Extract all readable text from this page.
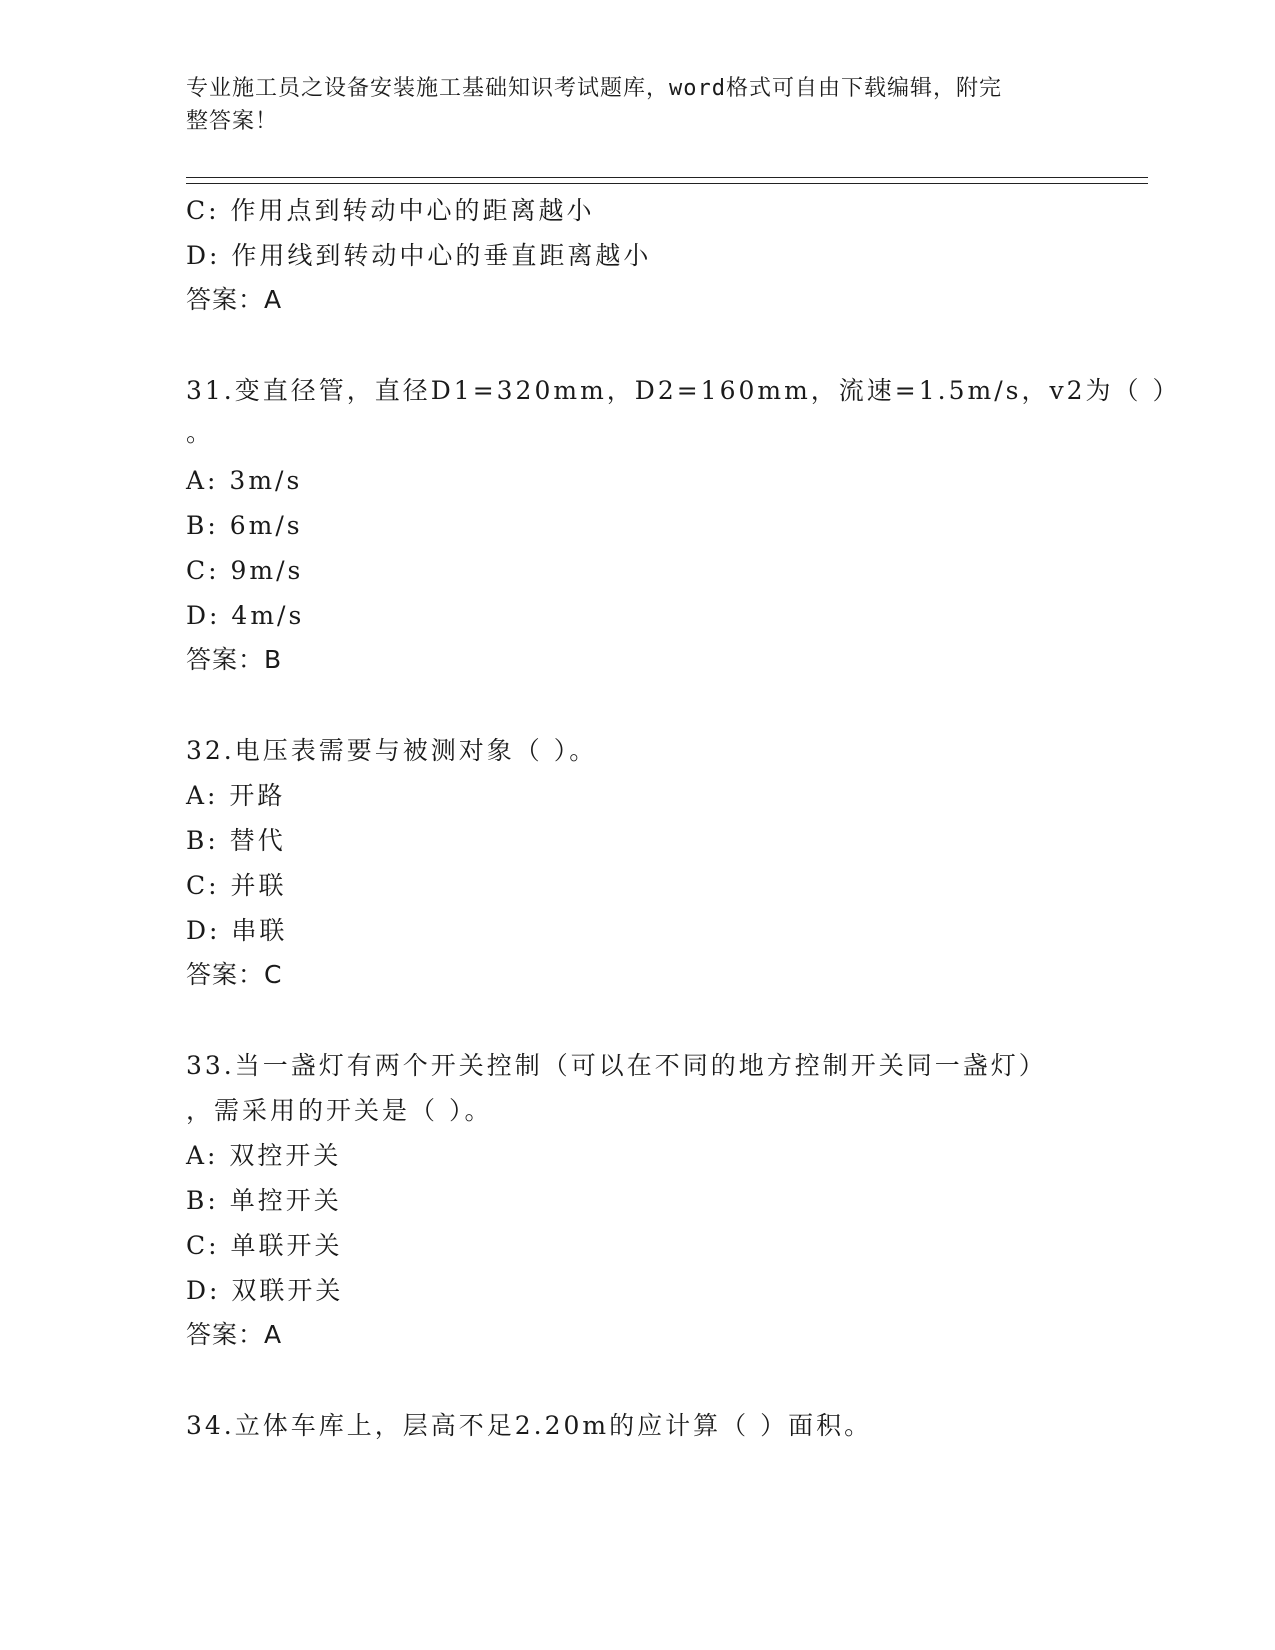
专业施工员之设备安装施工基础知识考试题库，word格式可自由下载编辑，附完
整答案！
C: 作用点到转动中心的距离越小
D: 作用线到转动中心的垂直距离越小
答案：A
31.变直径管，直径D1=320mm，D2=160mm，流速=1.5m/s，v2为（ ）
。
A: 3m/s
B: 6m/s
C: 9m/s
D: 4m/s
答案：B
32.电压表需要与被测对象（ ）。
A: 开路
B: 替代
C: 并联
D: 串联
答案：C
33.当一盏灯有两个开关控制（可以在不同的地方控制开关同一盏灯）
，需采用的开关是（ ）。
A: 双控开关
B: 单控开关
C: 单联开关
D: 双联开关
答案：A
34.立体车库上，层高不足2.20m的应计算（ ）面积。
